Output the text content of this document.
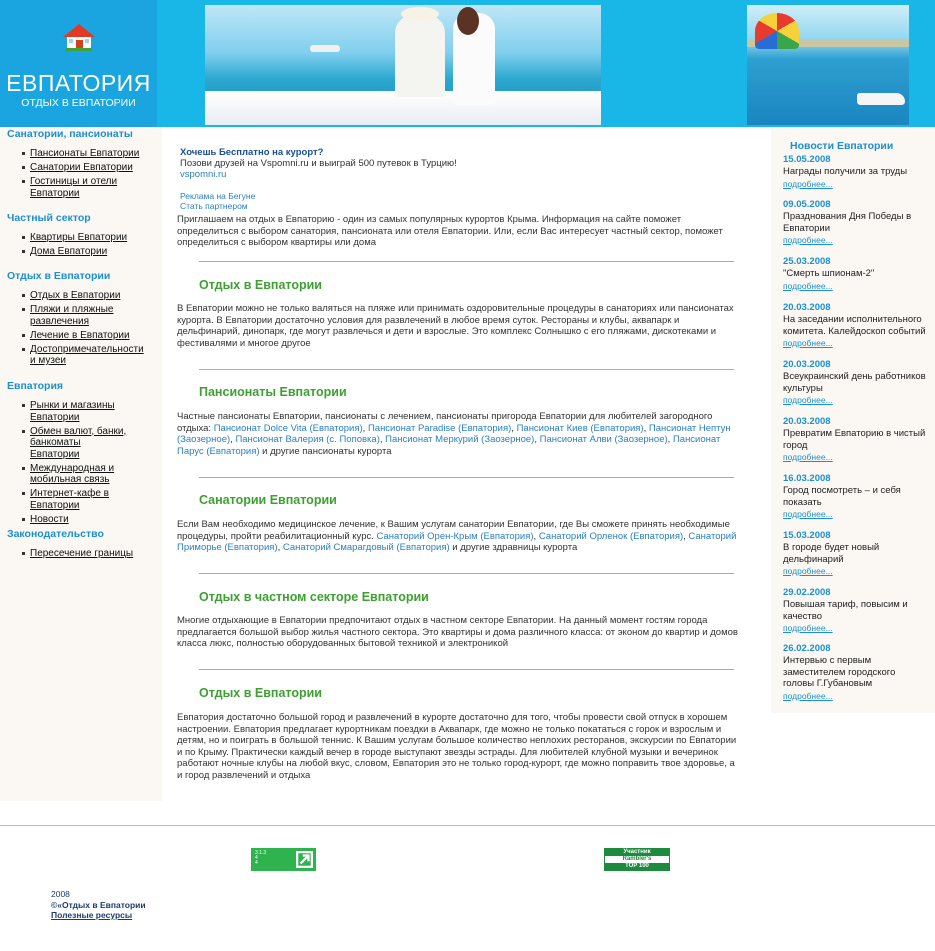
ЕВПАТОРИЯ
ОТДЫХ В ЕВПАТОРИИ
Санатории, пансионаты
Пансионаты Евпатории
Санатории Евпатории
Гостиницы и отели Евпатории
Частный сектор
Квартиры Евпатории
Дома Евпатории
Отдых в Евпатории
Отдых в Евпатории
Пляжи и пляжные развлечения
Лечение в Евпатории
Достопримечательности и музеи
Евпатория
Рынки и магазины Евпатории
Обмен валют, банки, банкоматы Евпатории
Международная и мобильная связь
Интернет-кафе в Евпатории
Новости
Законодательство
Пересечение границы
Хочешь Бесплатно на курорт?
Позови друзей на Vspomni.ru и выиграй 500 путевок в Турцию!
vspomni.ru
Реклама на Бегуне
Стать партнером
Приглашаем на отдых в Евпаторию - один из самых популярных курортов Крыма. Информация на сайте поможет определиться с выбором санатория, пансионата или отеля Евпатории. Или, если Вас интересует частный сектор, поможет определиться с выбором квартиры или дома
Отдых в Евпатории
В Евпатории можно не только валяться на пляже или принимать оздоровительные процедуры в санаториях или пансионатах курорта. В Евпатории достаточно условия для развлечений в любое время суток. Рестораны и клубы, аквапарк и дельфинарий, динопарк, где могут развлечься и дети и взрослые. Это комплекс Солнышко с его пляжами, дискотеками и фестивалями и многое другое
Пансионаты Евпатории
Частные пансионаты Евпатории, пансионаты с лечением, пансионаты пригорода Евпатории для любителей загородного отдыха: Пансионат Dolce Vita (Евпатория), Пансионат Paradise (Евпатория), Пансионат Киев (Евпатория), Пансионат Нептун (Заозерное), Пансионат Валерия (с. Поповка), Пансионат Меркурий (Заозерное), Пансионат Алви (Заозерное), Пансионат Парус (Евпатория) и другие пансионаты курорта
Санатории Евпатории
Если Вам необходимо медицинское лечение, к Вашим услугам санатории Евпатории, где Вы сможете принять необходимые процедуры, пройти реабилитационный курс. Санаторий Орен-Крым (Евпатория), Санаторий Орленок (Евпатория), Санаторий Приморье (Евпатория), Санаторий Смарагдовый (Евпатория) и другие здравницы курорта
Отдых в частном секторе Евпатории
Многие отдыхающие в Евпатории предпочитают отдых в частном секторе Евпатории. На данный момент гостям города предлагается большой выбор жилья частного сектора. Это квартиры и дома различного класса: от эконом до квартир и домов класса люкс, полностью оборудованных бытовой техникой и электроникой
Отдых в Евпатории
Евпатория достаточно большой город и развлечений в курорте достаточно для того, чтобы провести свой отпуск в хорошем настроении. Евпатория предлагает курортникам поездки в Аквапарк, где можно не только покататься с горок и взрослым и детям, но и поиграть в большой теннис. К Вашим услугам большое количество неплохих ресторанов, экскурсии по Евпатории и по Крыму. Практически каждый вечер в городе выступают звезды эстрады. Для любителей клубной музыки и вечеринок работают ночные клубы на любой вкус, словом, Евпатория это не только город-курорт, где можно поправить твое здоровье, а и город развлечений и отдыха
Новости Евпатории
15.05.2008
Награды получили за труды
подробнее...
09.05.2008
Празднования Дня Победы в Евпатории
подробнее...
25.03.2008
"Смерть шпионам-2"
подробнее...
20.03.2008
На заседании исполнительного комитета. Калейдоскоп событий
подробнее...
20.03.2008
Всеукраинский день работников культуры
подробнее...
20.03.2008
Превратим Евпаторию в чистый город
подробнее...
16.03.2008
Город посмотреть – и себя показать
подробнее...
15.03.2008
В городе будет новый дельфинарий
подробнее...
29.02.2008
Повышая тариф, повысим и качество
подробнее...
26.02.2008
Интервью с первым заместителем городского головы Г.Губановым
подробнее...
3.1.3
4
4
Участник
Rambler's
TOP 100
2008
©«Отдых в Евпатории
Полезные ресурсы
